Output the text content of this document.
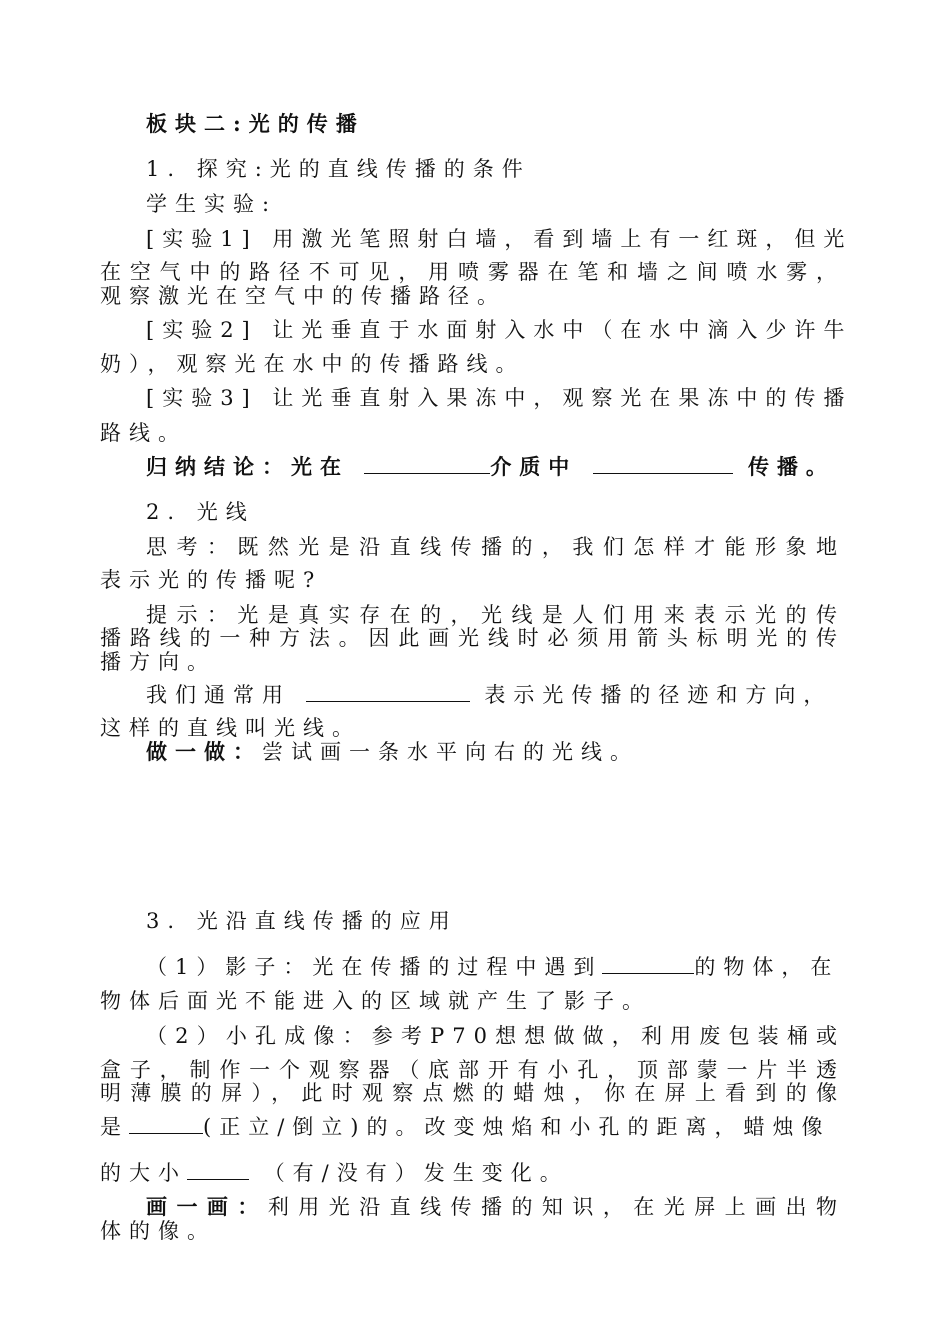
板块二:光的传播
1. 探究:光的直线传播的条件
学生实验:
[实验1] 用激光笔照射白墙，看到墙上有一红斑，但光
在空气中的路径不可见，用喷雾器在笔和墙之间喷水雾，
观察激光在空气中的传播路径。
[实验2] 让光垂直于水面射入水中（在水中滴入少许牛
奶），观察光在水中的传播路线。
[实验3] 让光垂直射入果冻中，观察光在果冻中的传播
路线。
归纳结论：光在	介质中	传播。
2. 光线
思考：既然光是沿直线传播的，我们怎样才能形象地
表示光的传播呢?
提示：光是真实存在的，光线是人们用来表示光的传
播路线的一种方法。因此画光线时必须用箭头标明光的传
播方向。
我们通常用	表示光传播的径迹和方向，
这样的直线叫光线。
做一做：尝试画一条水平向右的光线。
3. 光沿直线传播的应用
（1）影子：光在传播的过程中遇到	的物体，在
物体后面光不能进入的区域就产生了影子。
（2）小孔成像：参考P70想想做做，利用废包装桶或
盒子，制作一个观察器（底部开有小孔，顶部蒙一片半透
明薄膜的屏），此时观察点燃的蜡烛，你在屏上看到的像
是	(正立/倒立)的。改变烛焰和小孔的距离，蜡烛像
的大小	（有/没有）发生变化。
画一画：利用光沿直线传播的知识，在光屏上画出物
体的像。
